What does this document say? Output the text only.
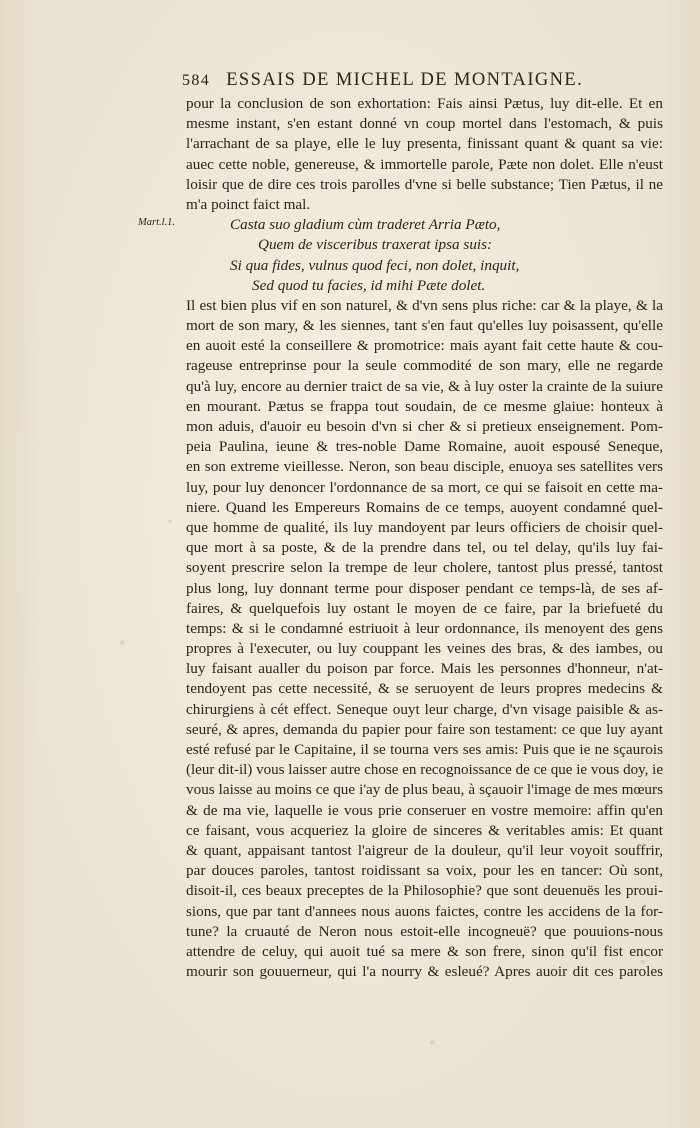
584 ESSAIS DE MICHEL DE MONTAIGNE.
Mart.l.1.
pour la conclusion de son exhortation: Fais ainsi Pætus, luy dit-elle. Et en
mesme instant, s'en estant donné vn coup mortel dans l'estomach, & puis
l'arrachant de sa playe, elle le luy presenta, finissant quant & quant sa vie:
auec cette noble, genereuse, & immortelle parole, Pæte non dolet. Elle n'eust
loisir que de dire ces trois parolles d'vne si belle substance; Tien Pætus, il ne
m'a poinct faict mal.
Casta suo gladium cùm traderet Arria Pæto,
Quem de visceribus traxerat ipsa suis:
Si qua fides, vulnus quod feci, non dolet, inquit,
Sed quod tu facies, id mihi Pæte dolet.
Il est bien plus vif en son naturel, & d'vn sens plus riche: car & la playe, & la
mort de son mary, & les siennes, tant s'en faut qu'elles luy poisassent, qu'elle
en auoit esté la conseillere & promotrice: mais ayant fait cette haute & cou-
rageuse entreprinse pour la seule commodité de son mary, elle ne regarde
qu'à luy, encore au dernier traict de sa vie, & à luy oster la crainte de la suiure
en mourant. Pætus se frappa tout soudain, de ce mesme glaiue: honteux à
mon aduis, d'auoir eu besoin d'vn si cher & si pretieux enseignement. Pom-
peia Paulina, ieune & tres-noble Dame Romaine, auoit espousé Seneque,
en son extreme vieillesse. Neron, son beau disciple, enuoya ses satellites vers
luy, pour luy denoncer l'ordonnance de sa mort, ce qui se faisoit en cette ma-
niere. Quand les Empereurs Romains de ce temps, auoyent condamné quel-
que homme de qualité, ils luy mandoyent par leurs officiers de choisir quel-
que mort à sa poste, & de la prendre dans tel, ou tel delay, qu'ils luy fai-
soyent prescrire selon la trempe de leur cholere, tantost plus pressé, tantost
plus long, luy donnant terme pour disposer pendant ce temps-là, de ses af-
faires, & quelquefois luy ostant le moyen de ce faire, par la briefueté du
temps: & si le condamné estriuoit à leur ordonnance, ils menoyent des gens
propres à l'executer, ou luy couppant les veines des bras, & des iambes, ou
luy faisant aualler du poison par force. Mais les personnes d'honneur, n'at-
tendoyent pas cette necessité, & se seruoyent de leurs propres medecins &
chirurgiens à cét effect. Seneque ouyt leur charge, d'vn visage paisible & as-
seuré, & apres, demanda du papier pour faire son testament: ce que luy ayant
esté refusé par le Capitaine, il se tourna vers ses amis: Puis que ie ne sçaurois
(leur dit-il) vous laisser autre chose en recognoissance de ce que ie vous doy, ie
vous laisse au moins ce que i'ay de plus beau, à sçauoir l'image de mes mœurs
& de ma vie, laquelle ie vous prie conseruer en vostre memoire: affin qu'en
ce faisant, vous acqueriez la gloire de sinceres & veritables amis: Et quant
& quant, appaisant tantost l'aigreur de la douleur, qu'il leur voyoit souffrir,
par douces paroles, tantost roidissant sa voix, pour les en tancer: Où sont,
disoit-il, ces beaux preceptes de la Philosophie? que sont deuenuës les proui-
sions, que par tant d'annees nous auons faictes, contre les accidens de la for-
tune? la cruauté de Neron nous estoit-elle incogneuë? que pouuions-nous
attendre de celuy, qui auoit tué sa mere & son frere, sinon qu'il fist encor
mourir son gouuerneur, qui l'a nourry & esleué? Apres auoir dit ces paroles
